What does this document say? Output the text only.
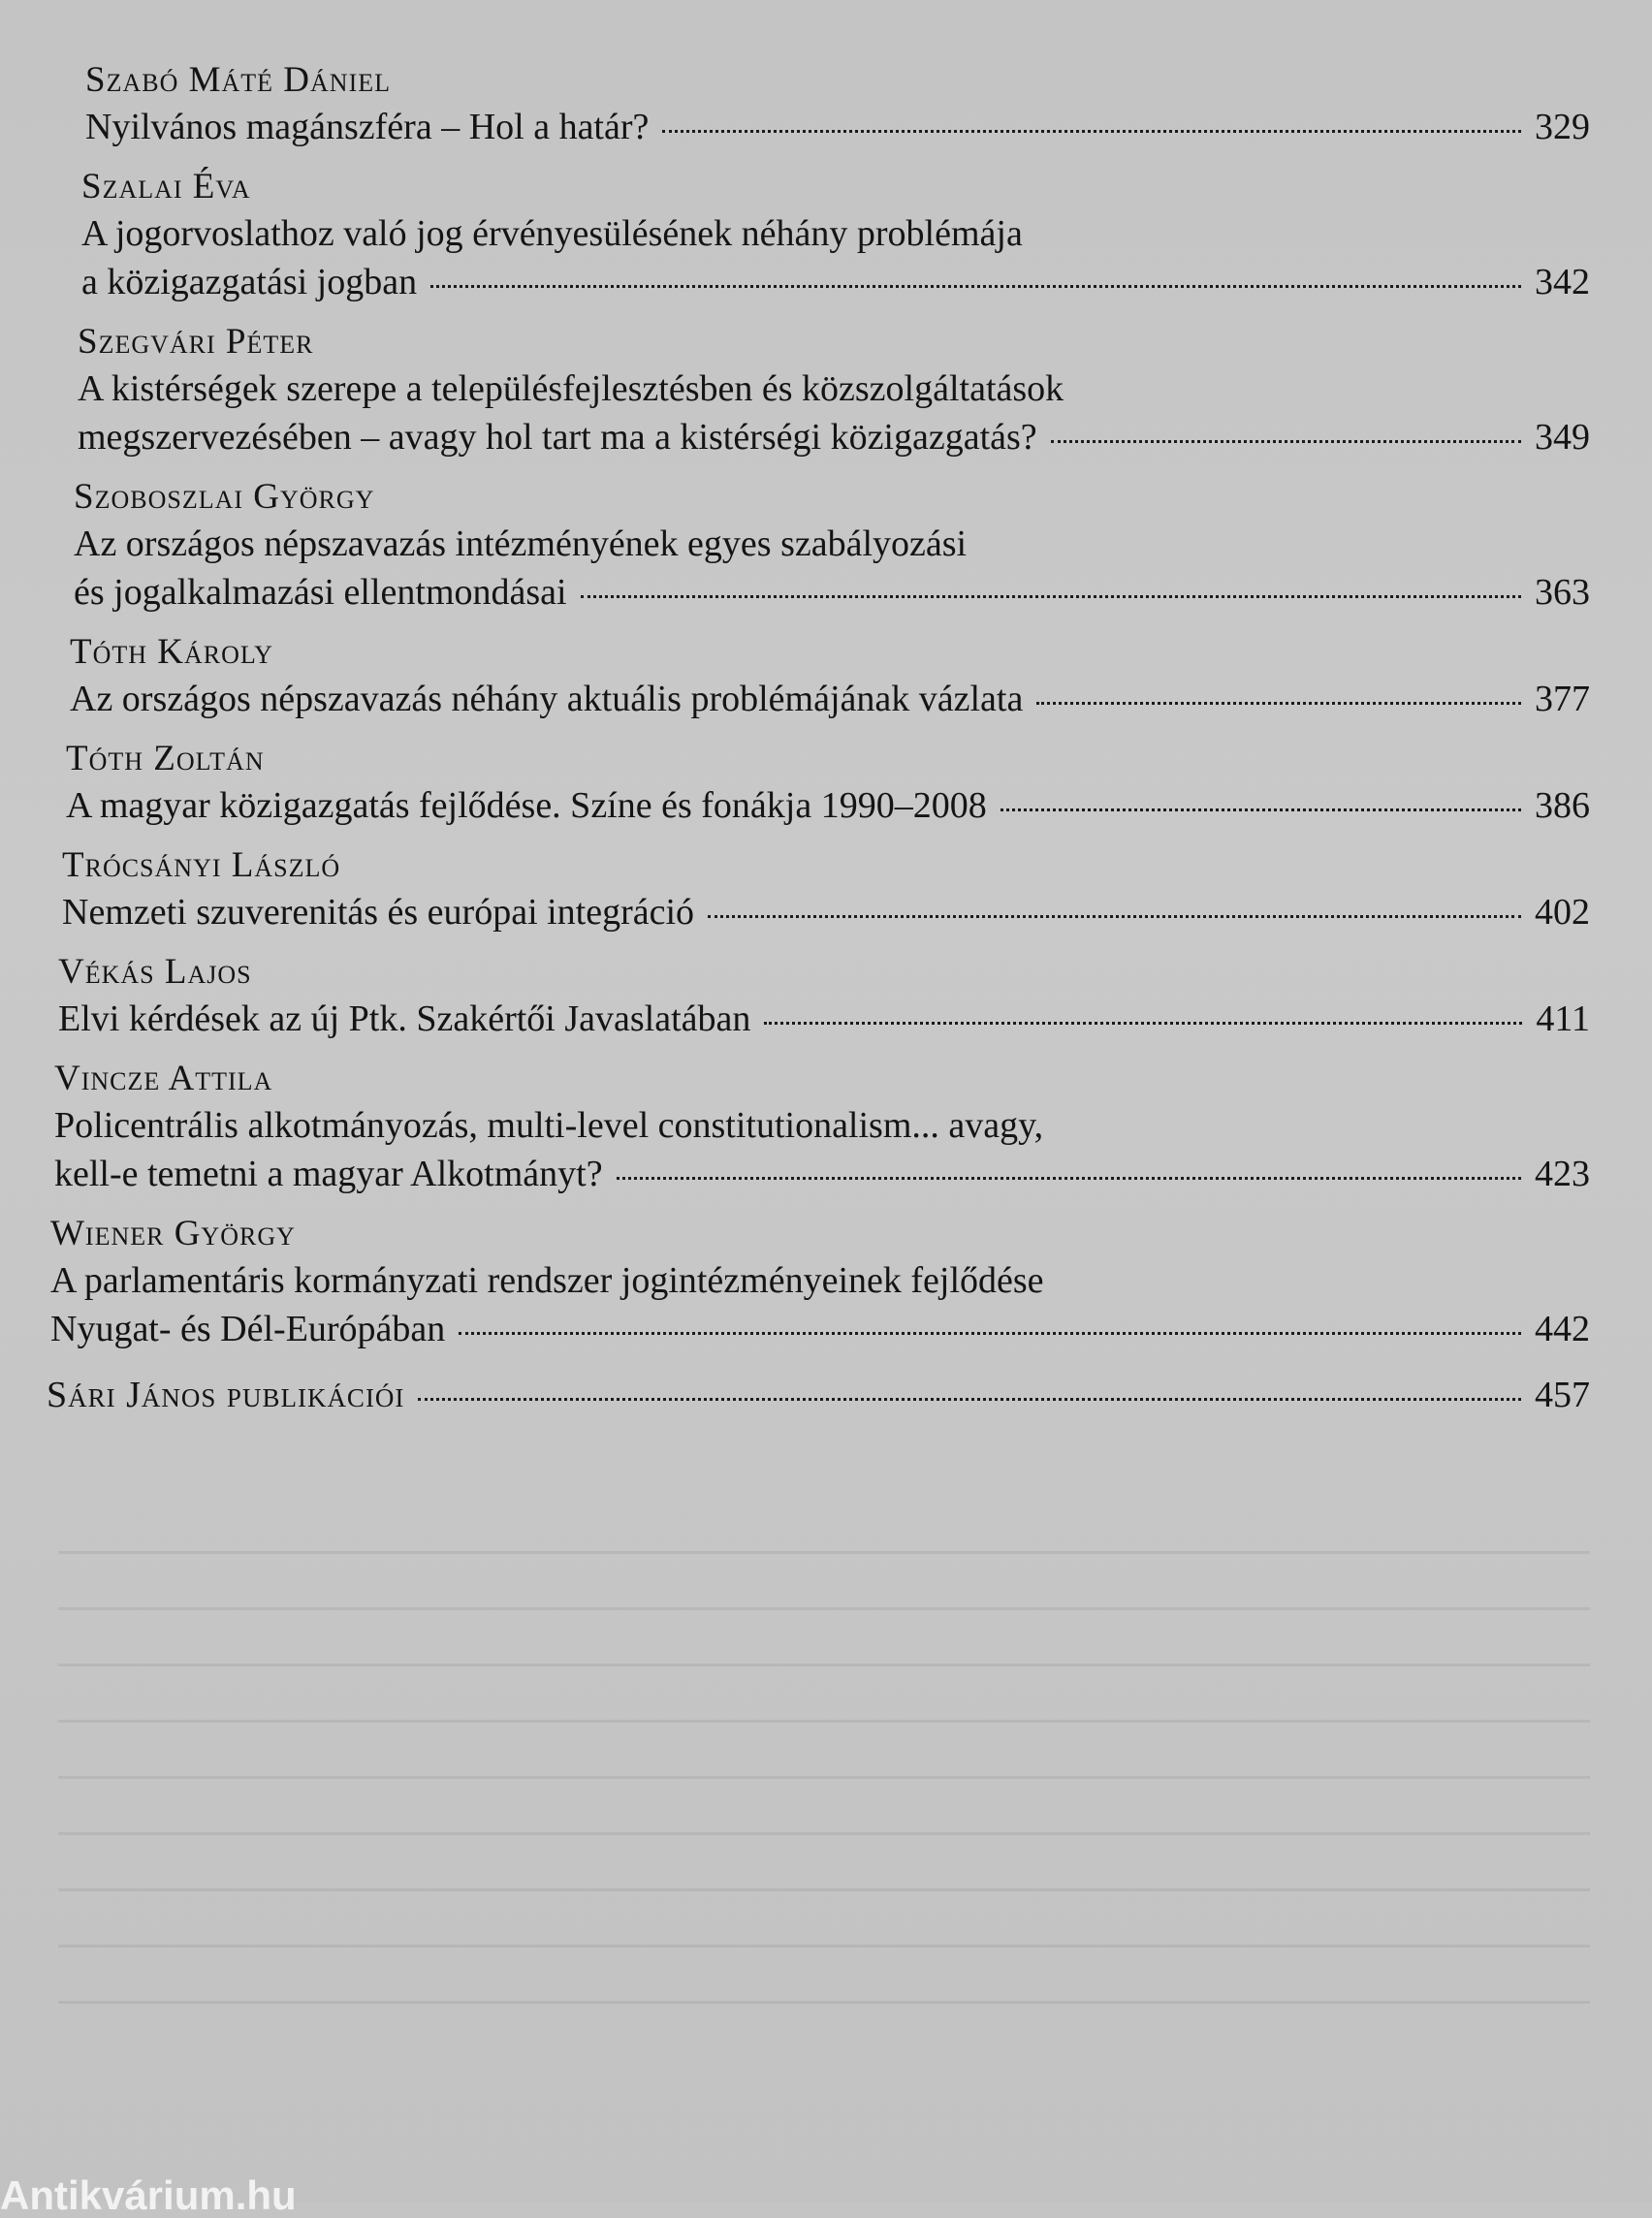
Szabó Máté Dániel
Nyilvános magánszféra – Hol a határ?	329
Szalai Éva
A jogorvoslathoz való jog érvényesülésének néhány problémája
a közigazgatási jogban	342
Szegvári Péter
A kistérségek szerepe a településfejlesztésben és közszolgáltatások
megszervezésében – avagy hol tart ma a kistérségi közigazgatás?	349
Szoboszlai György
Az országos népszavazás intézményének egyes szabályozási
és jogalkalmazási ellentmondásai	363
Tóth Károly
Az országos népszavazás néhány aktuális problémájának vázlata	377
Tóth Zoltán
A magyar közigazgatás fejlődése. Színe és fonákja 1990–2008	386
Trócsányi László
Nemzeti szuverenitás és európai integráció	402
Vékás Lajos
Elvi kérdések az új Ptk. Szakértői Javaslatában	411
Vincze Attila
Policentrális alkotmányozás, multi-level constitutionalism... avagy,
kell-e temetni a magyar Alkotmányt?	423
Wiener György
A parlamentáris kormányzati rendszer jogintézményeinek fejlődése
Nyugat- és Dél-Európában	442
Sári János publikációi	457
Antikvárium.hu
